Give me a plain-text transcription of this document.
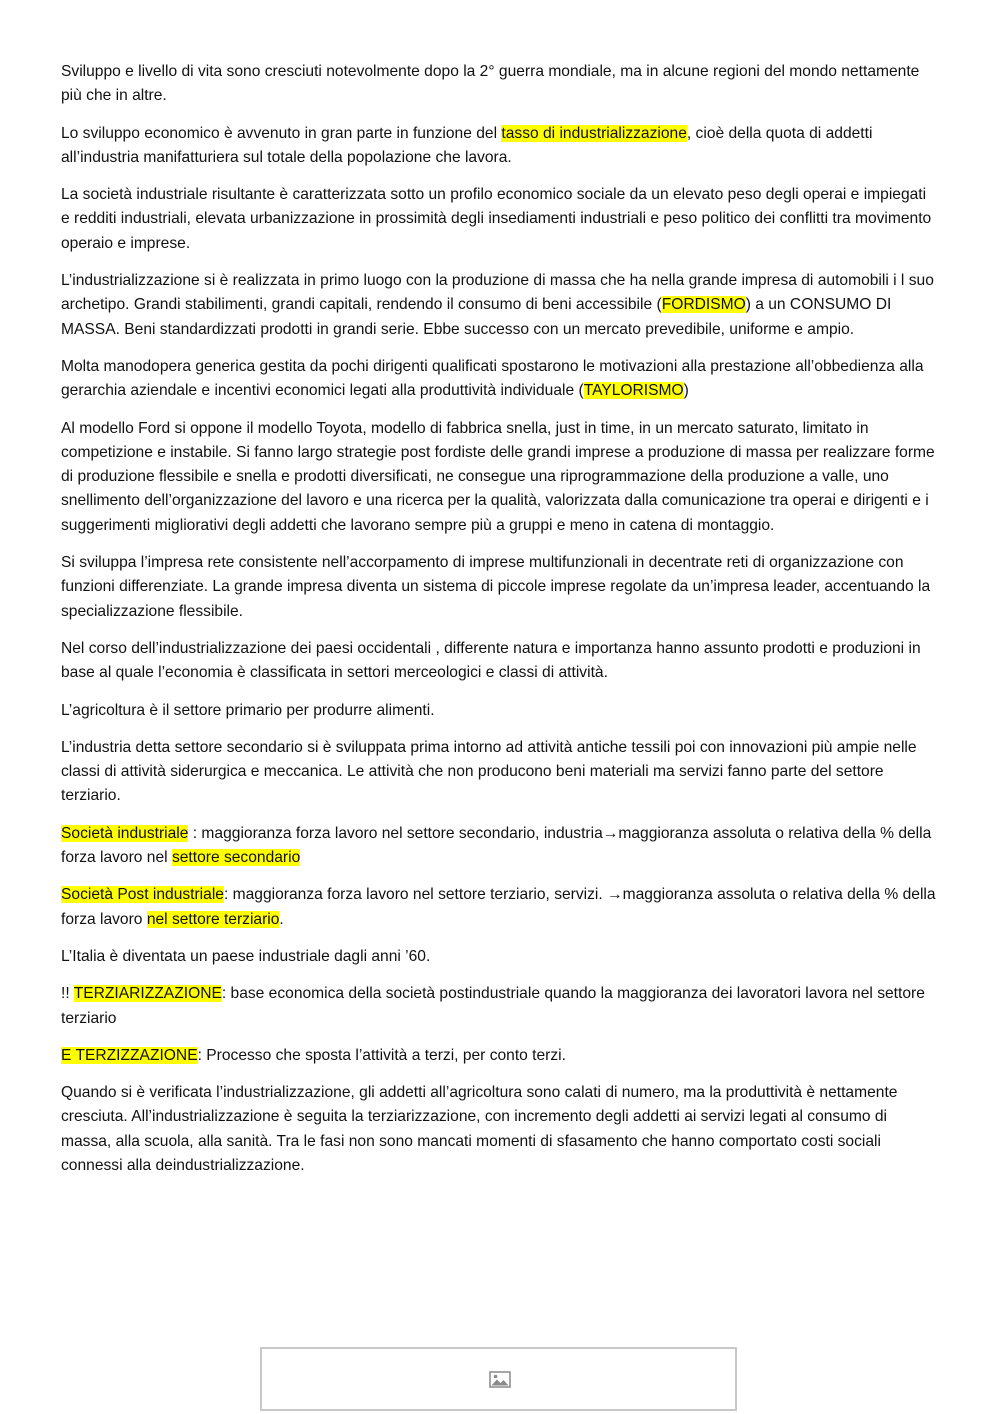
Sviluppo e livello di vita sono cresciuti notevolmente dopo la 2° guerra mondiale, ma in alcune regioni del mondo nettamente più che in altre.

Lo sviluppo economico è avvenuto in gran parte in funzione del tasso di industrializzazione, cioè della quota di addetti all’industria manifatturiera sul totale della popolazione che lavora.

La società industriale risultante è caratterizzata sotto un profilo economico sociale da un elevato peso degli operai e impiegati e redditi industriali, elevata urbanizzazione in prossimità degli insediamenti industriali e peso politico dei conflitti tra movimento operaio e imprese.

L’industrializzazione si è realizzata in primo luogo con la produzione di massa che ha nella grande impresa di automobili i l suo archetipo. Grandi stabilimenti, grandi capitali, rendendo il consumo di beni accessibile (FORDISMO) a un CONSUMO DI MASSA. Beni standardizzati prodotti in grandi serie. Ebbe successo con un mercato prevedibile, uniforme e ampio.

Molta manodopera generica gestita da pochi dirigenti qualificati spostarono le motivazioni alla prestazione all’obbedienza alla gerarchia aziendale e incentivi economici legati alla produttività individuale (TAYLORISMO)

Al modello Ford si oppone il modello Toyota, modello di fabbrica snella, just in time, in un mercato saturato, limitato in competizione e instabile. Si fanno largo strategie post fordiste delle grandi imprese a produzione di massa per realizzare forme di produzione flessibile e snella e prodotti diversificati, ne consegue una riprogrammazione della produzione a valle, uno snellimento dell’organizzazione del lavoro e una ricerca per la qualità, valorizzata dalla comunicazione tra operai e dirigenti e i suggerimenti migliorativi degli addetti che lavorano sempre più a gruppi e meno in catena di montaggio.

Si sviluppa l’impresa rete consistente nell’accorpamento di imprese multifunzionali in decentrate reti di organizzazione con funzioni differenziate. La grande impresa diventa un sistema di piccole imprese regolate da un’impresa leader, accentuando la specializzazione flessibile.

Nel corso dell’industrializzazione dei paesi occidentali , differente natura e importanza hanno assunto prodotti e produzioni in base al quale l’economia è classificata in settori merceologici e classi di attività.

L’agricoltura è il settore primario per produrre alimenti.

L’industria detta settore secondario si è sviluppata prima intorno ad attività antiche tessili poi con innovazioni più ampie nelle classi di attività siderurgica e meccanica. Le attività che non producono beni materiali ma servizi fanno parte del settore terziario.

Società industriale : maggioranza forza lavoro nel settore secondario, industria→maggioranza assoluta o relativa della % della forza lavoro nel settore secondario

Società Post industriale: maggioranza forza lavoro nel settore terziario, servizi. →maggioranza assoluta o relativa della % della forza lavoro nel settore terziario.

L’Italia è diventata un paese industriale dagli anni ’60.

!! TERZIARIZZAZIONE: base economica della società postindustriale quando la maggioranza dei lavoratori lavora nel settore terziario

E TERZIZZAZIONE: Processo che sposta l’attività a terzi, per conto terzi.

Quando si è verificata l’industrializzazione, gli addetti all’agricoltura sono calati di numero, ma la produttività è nettamente cresciuta. All’industrializzazione è seguita la terziarizzazione, con incremento degli addetti ai servizi legati al consumo di massa, alla scuola, alla sanità. Tra le fasi non sono mancati momenti di sfasamento che hanno comportato costi sociali connessi alla deindustrializzazione.
